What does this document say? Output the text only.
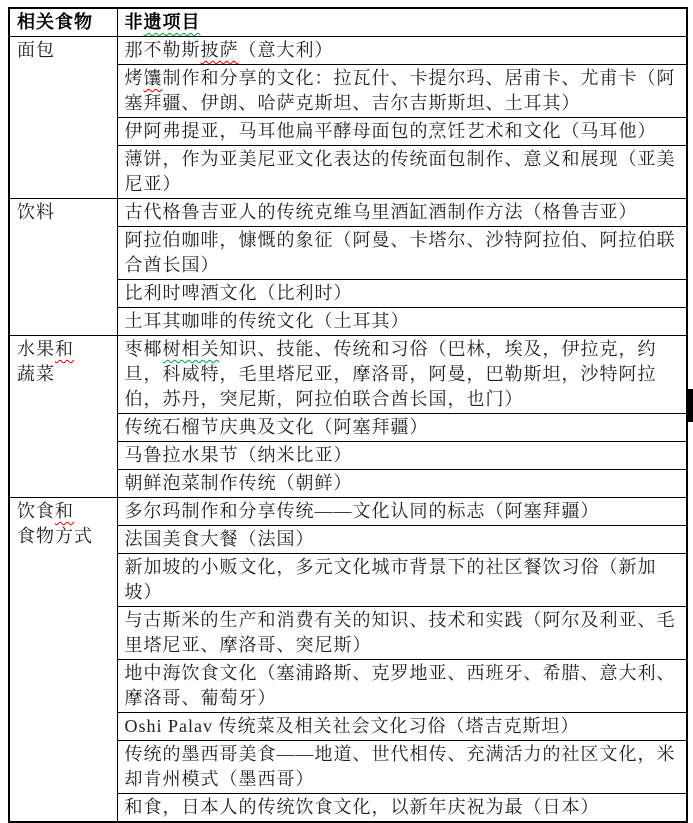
相关食物	非遗项目

面包	那不勒斯披萨（意大利）
	烤馕制作和分享的文化：拉瓦什、卡提尔玛、居甫卡、尤甫卡（阿塞拜疆、伊朗、哈萨克斯坦、吉尔吉斯斯坦、土耳其）
	伊阿弗提亚，马耳他扁平酵母面包的烹饪艺术和文化（马耳他）
	薄饼，作为亚美尼亚文化表达的传统面包制作、意义和展现（亚美尼亚）

饮料	古代格鲁吉亚人的传统克维乌里酒缸酒制作方法（格鲁吉亚）
	阿拉伯咖啡，慷慨的象征（阿曼、卡塔尔、沙特阿拉伯、阿拉伯联合酋长国）
	比利时啤酒文化（比利时）
	土耳其咖啡的传统文化（土耳其）

水果和
蔬菜	枣椰树相关知识、技能、传统和习俗（巴林，埃及，伊拉克，约旦，科威特，毛里塔尼亚，摩洛哥，阿曼，巴勒斯坦，沙特阿拉伯，苏丹，突尼斯，阿拉伯联合酋长国，也门）
	传统石榴节庆典及文化（阿塞拜疆）
	马鲁拉水果节（纳米比亚）
	朝鲜泡菜制作传统（朝鲜）

饮食和
食物方式	多尔玛制作和分享传统——文化认同的标志（阿塞拜疆）
	法国美食大餐（法国）
	新加坡的小贩文化，多元文化城市背景下的社区餐饮习俗（新加坡）
	与古斯米的生产和消费有关的知识、技术和实践（阿尔及利亚、毛里塔尼亚、摩洛哥、突尼斯）
	地中海饮食文化（塞浦路斯、克罗地亚、西班牙、希腊、意大利、摩洛哥、葡萄牙）
	Oshi Palav 传统菜及相关社会文化习俗（塔吉克斯坦）
	传统的墨西哥美食——地道、世代相传、充满活力的社区文化，米却肯州模式（墨西哥）
	和食，日本人的传统饮食文化，以新年庆祝为最（日本）
